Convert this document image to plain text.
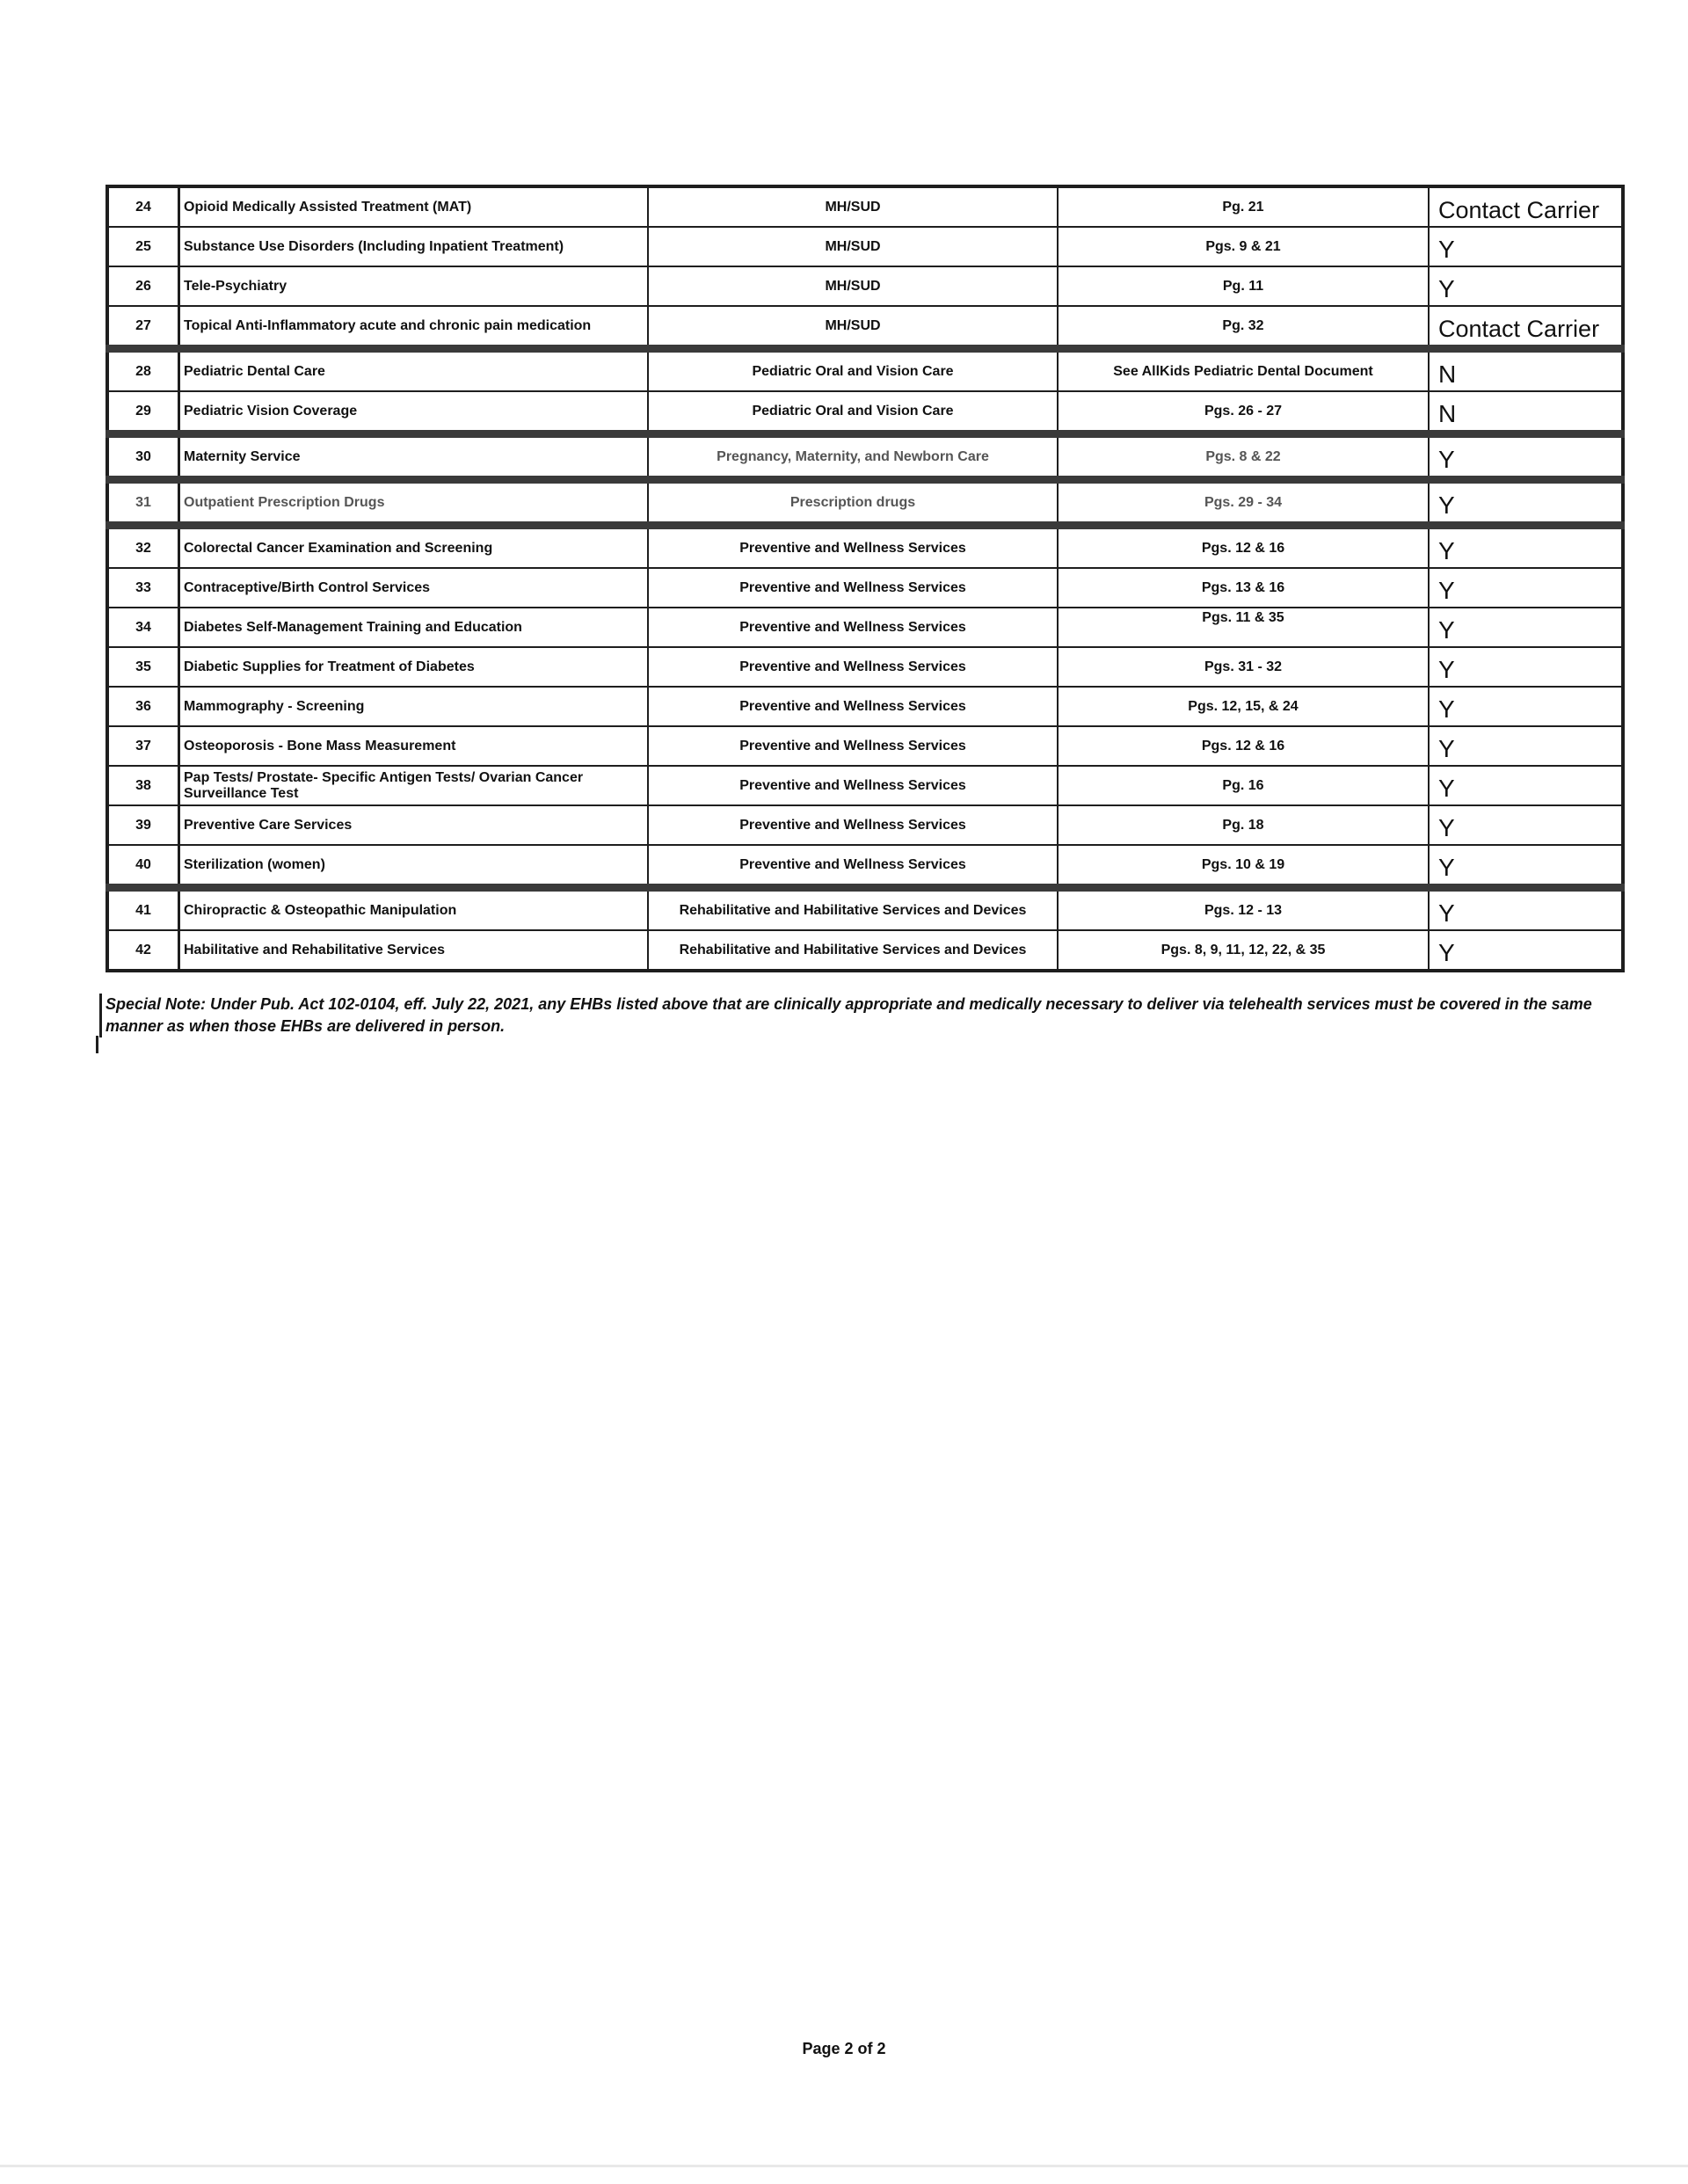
24	Opioid Medically Assisted Treatment (MAT)	MH/SUD	Pg. 21	Contact Carrier
25	Substance Use Disorders (Including Inpatient Treatment)	MH/SUD	Pgs. 9 & 21	Y
26	Tele-Psychiatry	MH/SUD	Pg. 11	Y
27	Topical Anti-Inflammatory acute and chronic pain medication	MH/SUD	Pg. 32	Contact Carrier
28	Pediatric Dental Care	Pediatric Oral and Vision Care	See AllKids Pediatric Dental Document	N
29	Pediatric Vision Coverage	Pediatric Oral and Vision Care	Pgs. 26 - 27	N
30	Maternity Service	Pregnancy, Maternity, and Newborn Care	Pgs. 8 & 22	Y
31	Outpatient Prescription Drugs	Prescription drugs	Pgs. 29 - 34	Y
32	Colorectal Cancer Examination and Screening	Preventive and Wellness Services	Pgs. 12 & 16	Y
33	Contraceptive/Birth Control Services	Preventive and Wellness Services	Pgs. 13 & 16	Y
34	Diabetes Self-Management Training and Education	Preventive and Wellness Services	Pgs. 11 & 35	Y
35	Diabetic Supplies for Treatment of Diabetes	Preventive and Wellness Services	Pgs. 31 - 32	Y
36	Mammography - Screening	Preventive and Wellness Services	Pgs. 12, 15, & 24	Y
37	Osteoporosis - Bone Mass Measurement	Preventive and Wellness Services	Pgs. 12 & 16	Y
38	Pap Tests/ Prostate- Specific Antigen Tests/ Ovarian Cancer Surveillance Test	Preventive and Wellness Services	Pg. 16	Y
39	Preventive Care Services	Preventive and Wellness Services	Pg. 18	Y
40	Sterilization (women)	Preventive and Wellness Services	Pgs. 10 & 19	Y
41	Chiropractic & Osteopathic Manipulation	Rehabilitative and Habilitative Services and Devices	Pgs. 12 - 13	Y
42	Habilitative and Rehabilitative Services	Rehabilitative and Habilitative Services and Devices	Pgs. 8, 9, 11, 12, 22, & 35	Y
Special Note: Under Pub. Act 102-0104, eff. July 22, 2021, any EHBs listed above that are clinically appropriate and medically necessary to deliver via telehealth services must be covered in the same manner as when those EHBs are delivered in person.
Page 2 of 2
